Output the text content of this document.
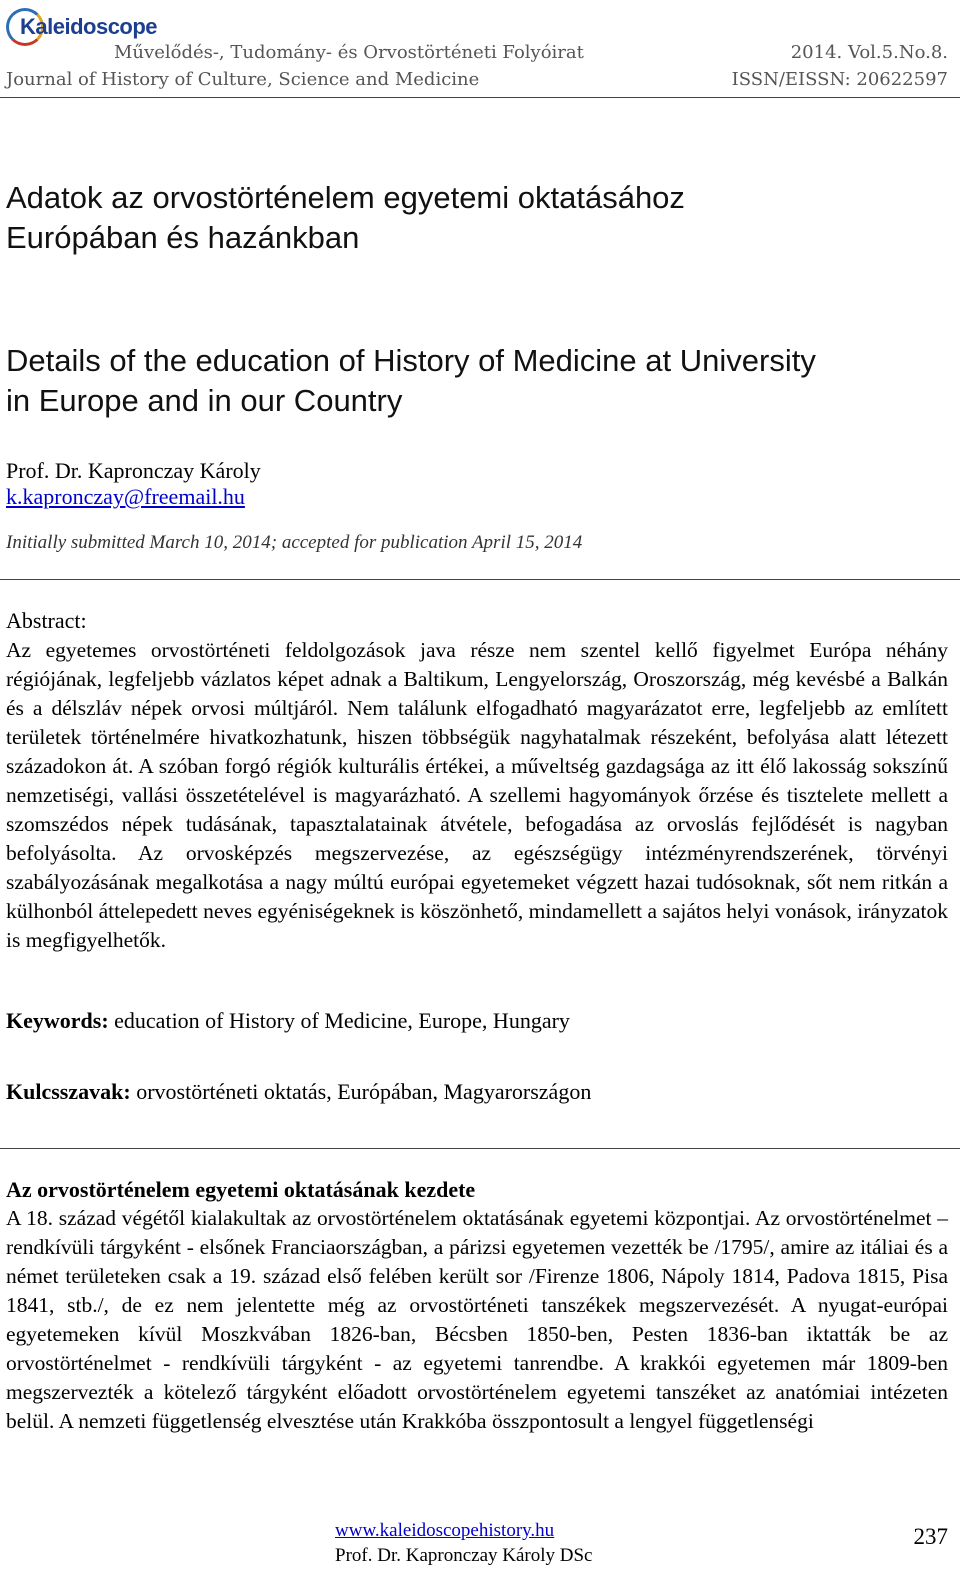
Kaleidoscope
Művelődés-, Tudomány- és Orvostörténeti Folyóirat
Journal of History of Culture, Science and Medicine
2014. Vol.5.No.8.
ISSN/EISSN: 20622597
Adatok az orvostörténelem egyetemi oktatásához
Európában és hazánkban
Details of the education of History of Medicine at University
in Europe and in our Country
Prof. Dr. Kapronczay Károly
k.kapronczay@freemail.hu
Initially submitted March 10, 2014; accepted for publication April 15, 2014
Abstract:
Az egyetemes orvostörténeti feldolgozások java része nem szentel kellő figyelmet Európa néhány régiójának, legfeljebb vázlatos képet adnak a Baltikum, Lengyelország, Oroszország, még kevésbé a Balkán és a délszláv népek orvosi múltjáról. Nem találunk elfogadható magyarázatot erre, legfeljebb az említett területek történelmére hivatkozhatunk, hiszen többségük nagyhatalmak részeként, befolyása alatt létezett századokon át. A szóban forgó régiók kulturális értékei, a műveltség gazdagsága az itt élő lakosság sokszínű nemzetiségi, vallási összetételével is magyarázható. A szellemi hagyományok őrzése és tisztelete mellett a szomszédos népek tudásának, tapasztalatainak átvétele, befogadása az orvoslás fejlődését is nagyban befolyásolta. Az orvosképzés megszervezése, az egészségügy intézményrendszerének, törvényi szabályozásának megalkotása a nagy múltú európai egyetemeket végzett hazai tudósoknak, sőt nem ritkán a külhonból áttelepedett neves egyéniségeknek is köszönhető, mindamellett a sajátos helyi vonások, irányzatok is megfigyelhetők.
Keywords: education of History of Medicine, Europe, Hungary
Kulcsszavak: orvostörténeti oktatás, Európában, Magyarországon
Az orvostörténelem egyetemi oktatásának kezdete
A 18. század végétől kialakultak az orvostörténelem oktatásának egyetemi központjai. Az orvostörténelmet – rendkívüli tárgyként - elsőnek Franciaországban, a párizsi egyetemen vezették be /1795/, amire az itáliai és a német területeken csak a 19. század első felében került sor /Firenze 1806, Nápoly 1814, Padova 1815, Pisa 1841, stb./, de ez nem jelentette még az orvostörténeti tanszékek megszervezését. A nyugat-európai egyetemeken kívül Moszkvában 1826-ban, Bécsben 1850-ben, Pesten 1836-ban iktatták be az orvostörténelmet - rendkívüli tárgyként - az egyetemi tanrendbe. A krakkói egyetemen már 1809-ben megszervezték a kötelező tárgyként előadott orvostörténelem egyetemi tanszéket az anatómiai intézeten belül. A nemzeti függetlenség elvesztése után Krakkóba összpontosult a lengyel függetlenségi
www.kaleidoscopehistory.hu
Prof. Dr. Kapronczay Károly DSc
237
